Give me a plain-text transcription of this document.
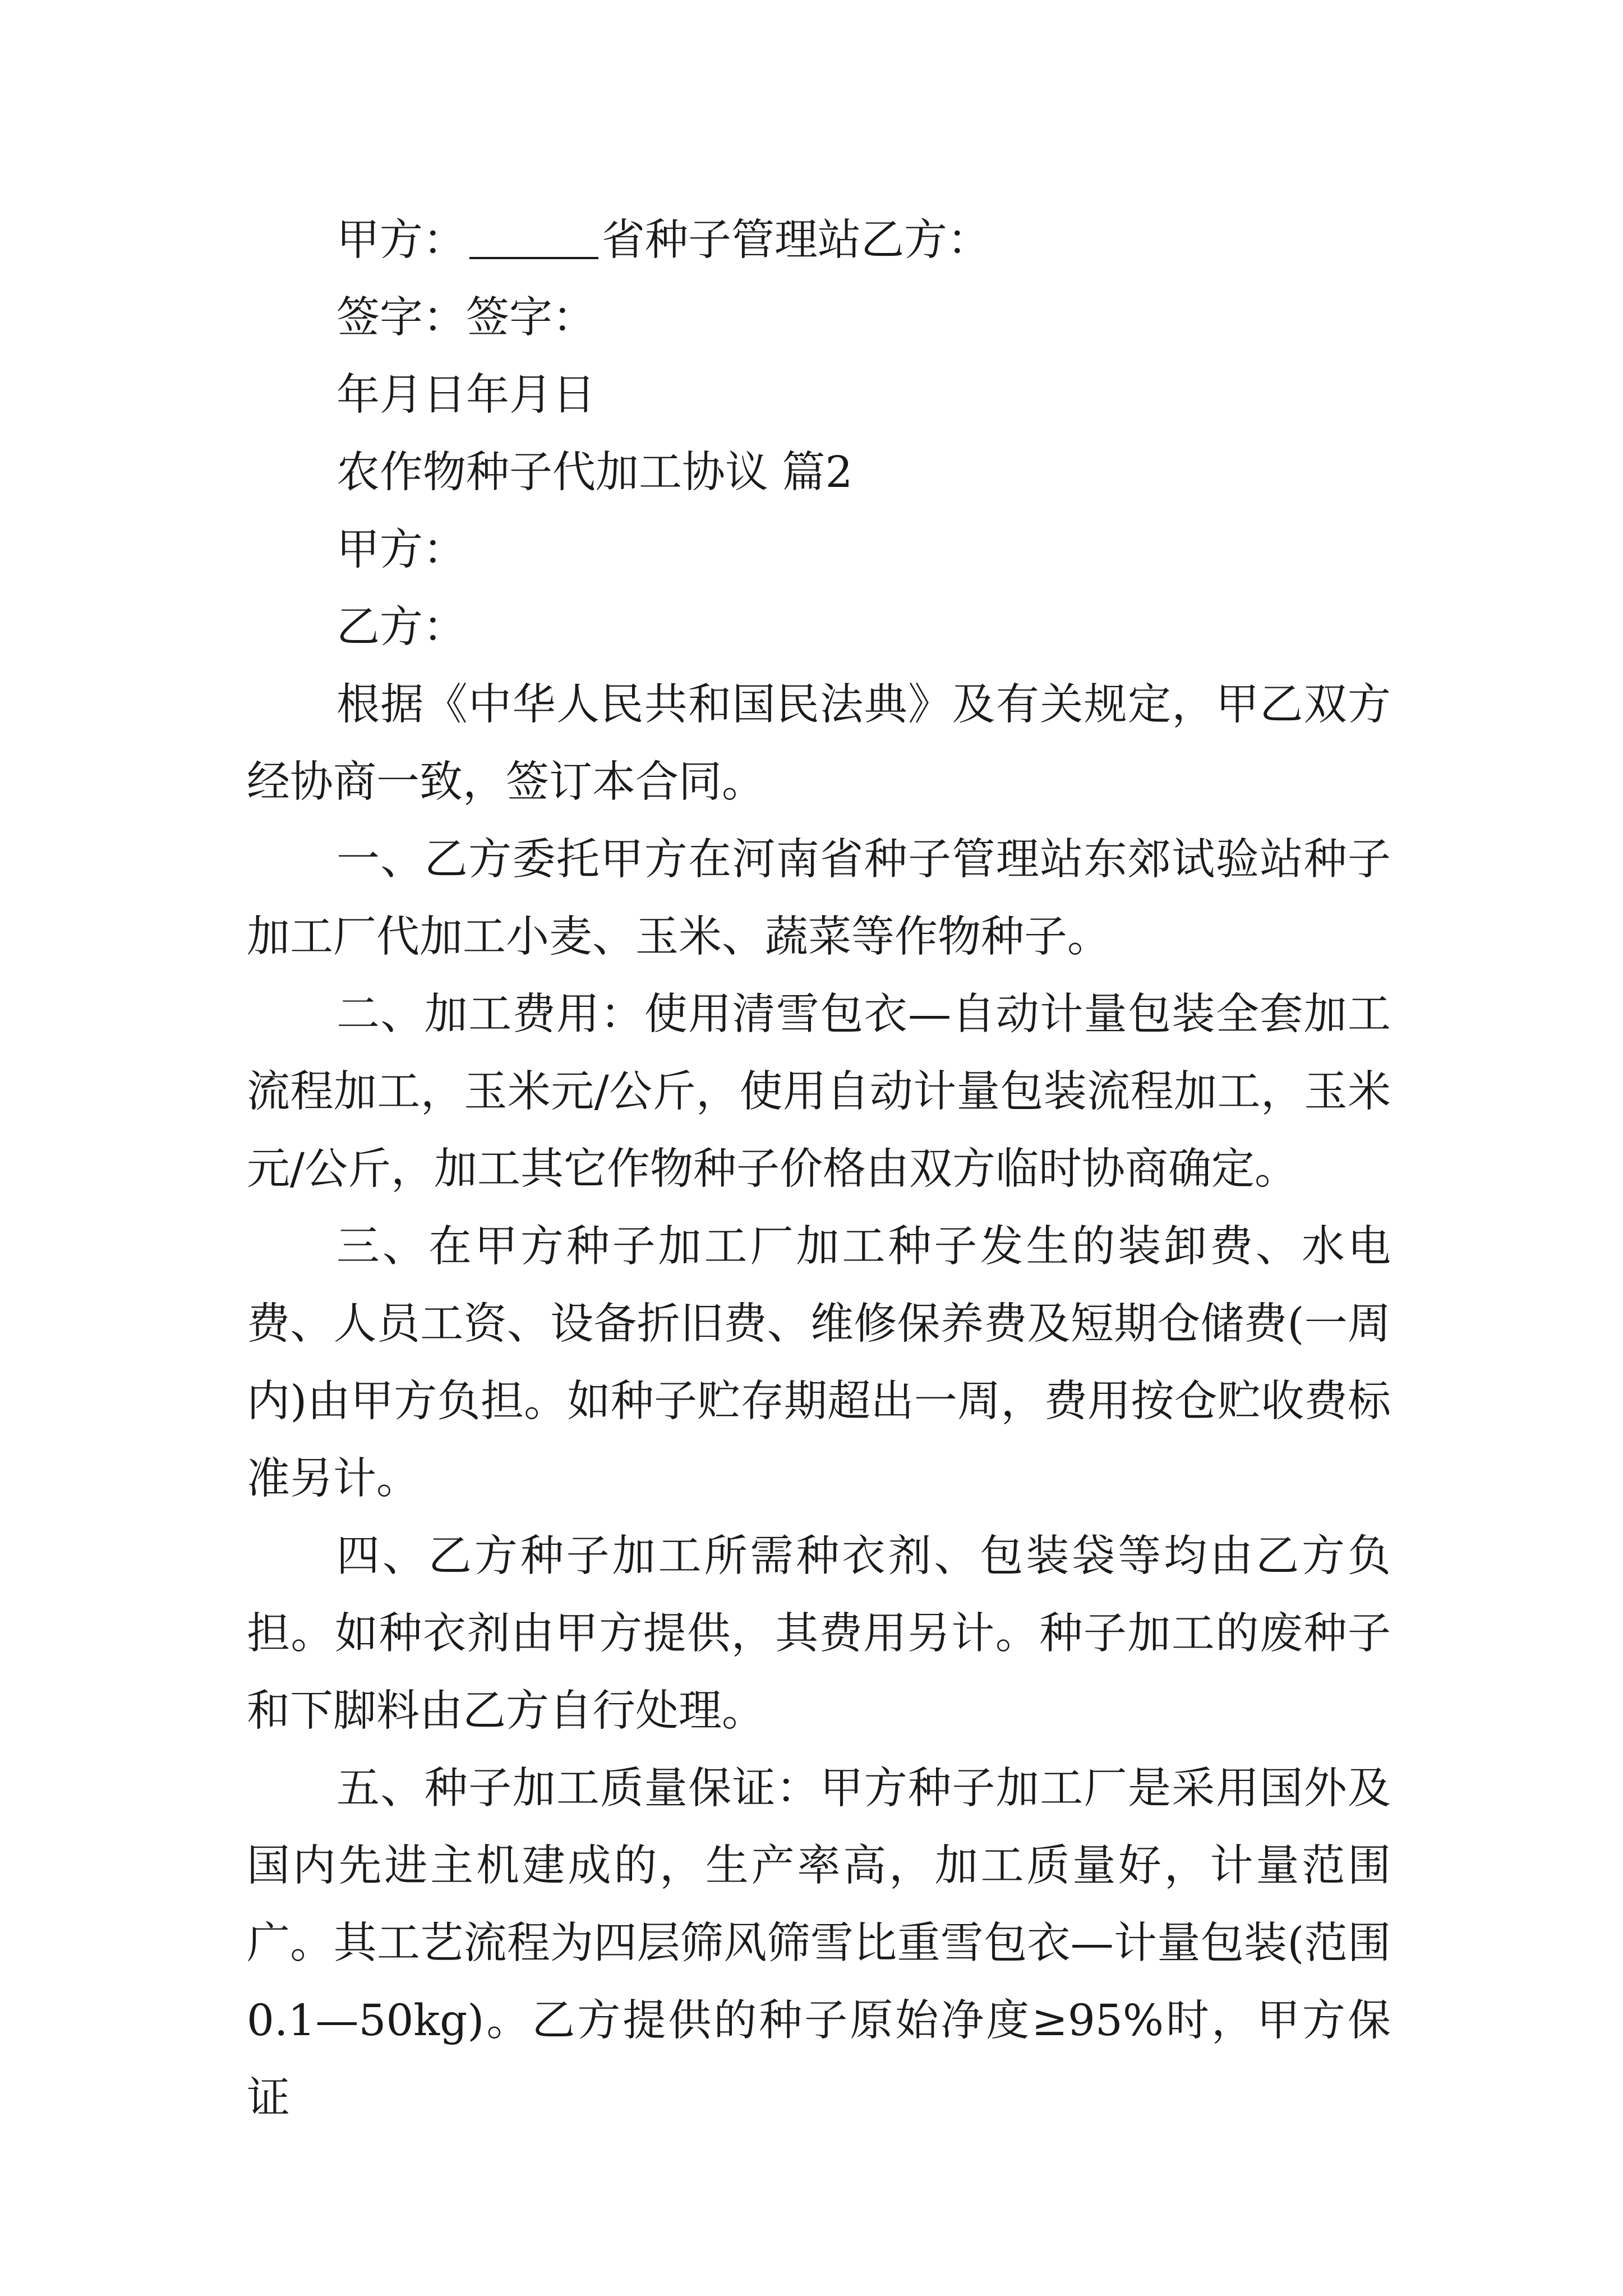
甲方：	省种子管理站乙方：

签字：签字：

年月日年月日

农作物种子代加工协议 篇2

甲方：

乙方：

根据《中华人民共和国民法典》及有关规定，甲乙双方经协商一致，签订本合同。

一、乙方委托甲方在河南省种子管理站东郊试验站种子加工厂代加工小麦、玉米、蔬菜等作物种子。

二、加工费用：使用清雪包衣—自动计量包装全套加工流程加工，玉米元/公斤，使用自动计量包装流程加工，玉米元/公斤，加工其它作物种子价格由双方临时协商确定。

三、在甲方种子加工厂加工种子发生的装卸费、水电费、人员工资、设备折旧费、维修保养费及短期仓储费(一周内)由甲方负担。如种子贮存期超出一周，费用按仓贮收费标准另计。

四、乙方种子加工所需种衣剂、包装袋等均由乙方负担。如种衣剂由甲方提供，其费用另计。种子加工的废种子和下脚料由乙方自行处理。

五、种子加工质量保证：甲方种子加工厂是采用国外及国内先进主机建成的，生产率高，加工质量好，计量范围广。其工艺流程为四层筛风筛雪比重雪包衣—计量包装(范围0.1—50kg)。乙方提供的种子原始净度≥95%时，甲方保证
